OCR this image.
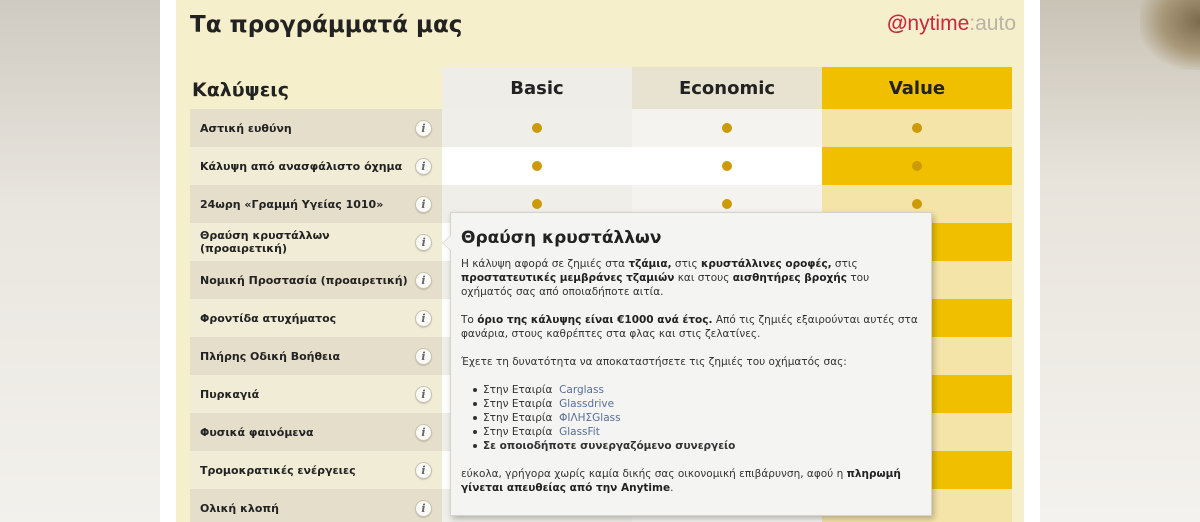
Τα προγράμματά μας	@nytime:auto
Καλύψεις	Basic	Economic	Value
Αστική ευθύνη	i
Κάλυψη από ανασφάλιστο όχημα	i
24ωρη «Γραμμή Υγείας 1010»	i
Θραύση κρυστάλλων (προαιρετική)	i
Νομική Προστασία (προαιρετική)	i
Φροντίδα ατυχήματος	i
Πλήρης Οδική Βοήθεια	i
Πυρκαγιά	i
Φυσικά φαινόμενα	i
Τρομοκρατικές ενέργειες	i
Ολική κλοπή	i
Θραύση κρυστάλλων

Η κάλυψη αφορά σε ζημιές στα τζάμια, στις κρυστάλλινες οροφές, στις προστατευτικές μεμβράνες τζαμιών και στους αισθητήρες βροχής του οχήματός σας από οποιαδήποτε αιτία.

Το όριο της κάλυψης είναι €1000 ανά έτος. Από τις ζημιές εξαιρούνται αυτές στα φανάρια, στους καθρέπτες στα φλας και στις ζελατίνες.

Έχετε τη δυνατότητα να αποκαταστήσετε τις ζημιές του οχήματός σας:

Στην Εταιρία Carglass
Στην Εταιρία Glassdrive
Στην Εταιρία ΦΙΛΗΣGlass
Στην Εταιρία GlassFit
Σε οποιοδήποτε συνεργαζόμενο συνεργείο

εύκολα, γρήγορα χωρίς καμία δικής σας οικονομική επιβάρυνση, αφού η πληρωμή γίνεται απευθείας από την Anytime.
